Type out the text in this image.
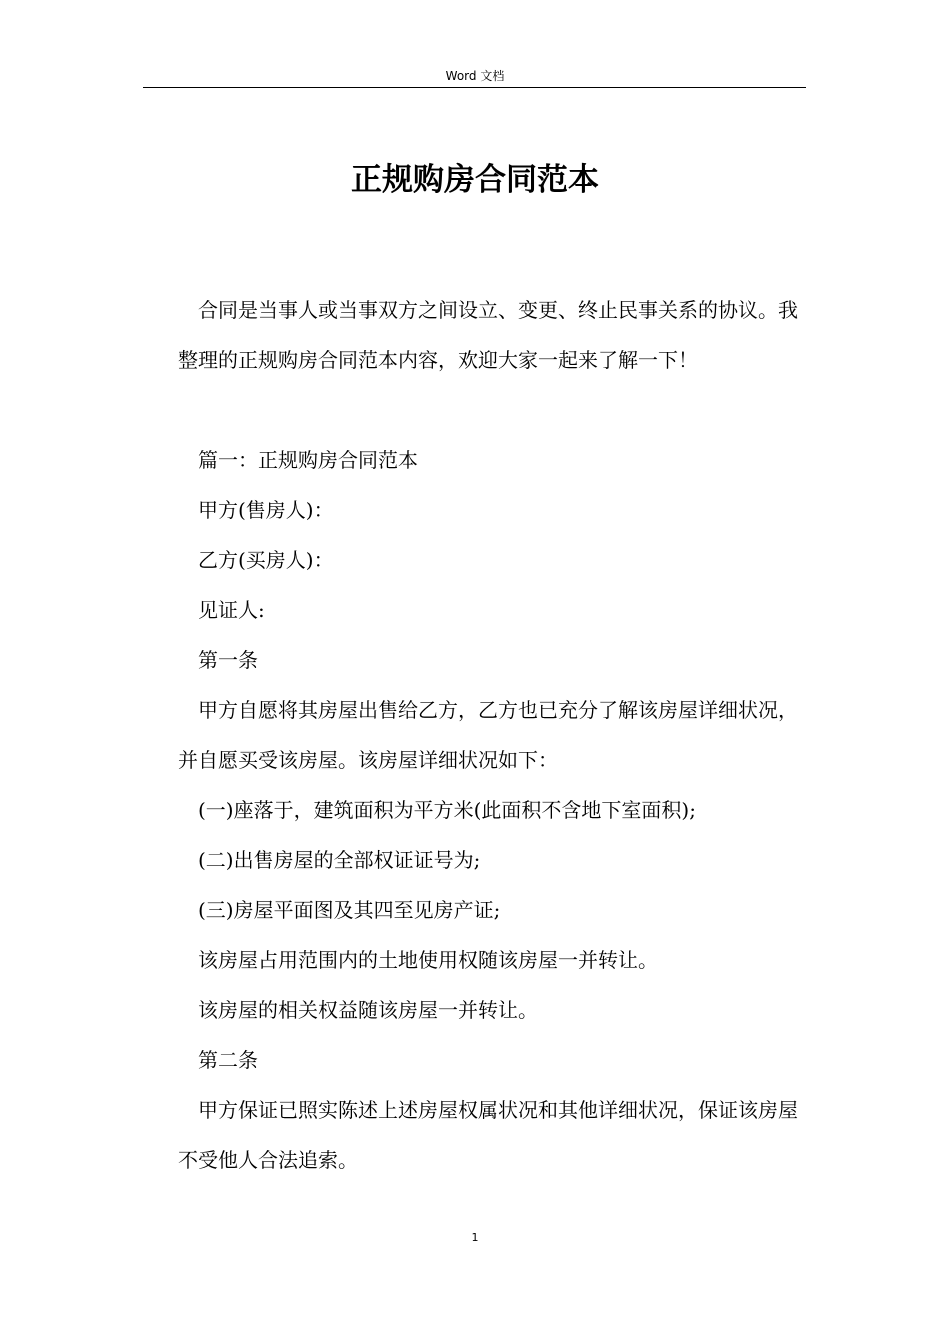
Word 文档
正规购房合同范本

合同是当事人或当事双方之间设立、变更、终止民事关系的协议。我整理的正规购房合同范本内容，欢迎大家一起来了解一下！

篇一：正规购房合同范本

甲方(售房人)：

乙方(买房人)：

见证人:

第一条

甲方自愿将其房屋出售给乙方，乙方也已充分了解该房屋详细状况，并自愿买受该房屋。该房屋详细状况如下：

(一)座落于，建筑面积为平方米(此面积不含地下室面积);

(二)出售房屋的全部权证证号为;

(三)房屋平面图及其四至见房产证;

该房屋占用范围内的土地使用权随该房屋一并转让。

该房屋的相关权益随该房屋一并转让。

第二条

甲方保证已照实陈述上述房屋权属状况和其他详细状况，保证该房屋不受他人合法追索。

1
